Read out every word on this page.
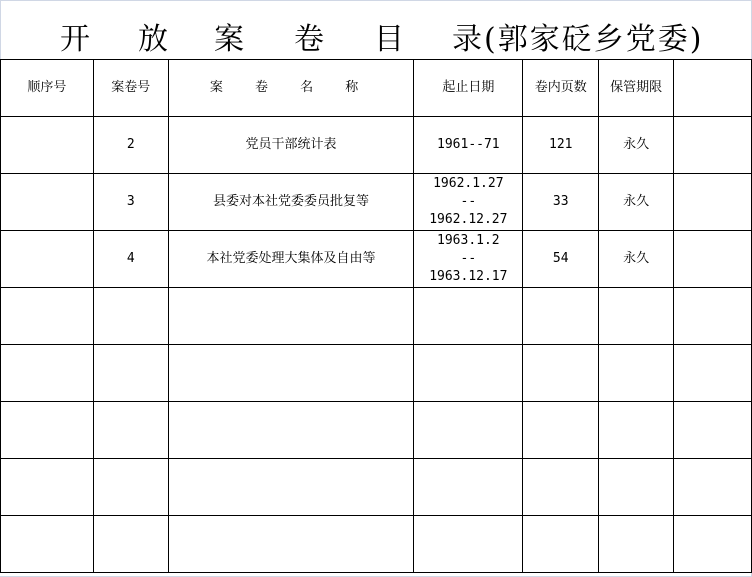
开 放 案 卷 目 录(郭家砭乡党委)
顺序号	案卷号	案 卷 名 称	起止日期	卷内页数	保管期限	
	2	党员干部统计表	1961--71	121	永久	
	3	县委对本社党委委员批复等	1962.1.27
--
1962.12.27	33	永久	
	4	本社党委处理大集体及自由等	1963.1.2
--
1963.12.17	54	永久	
